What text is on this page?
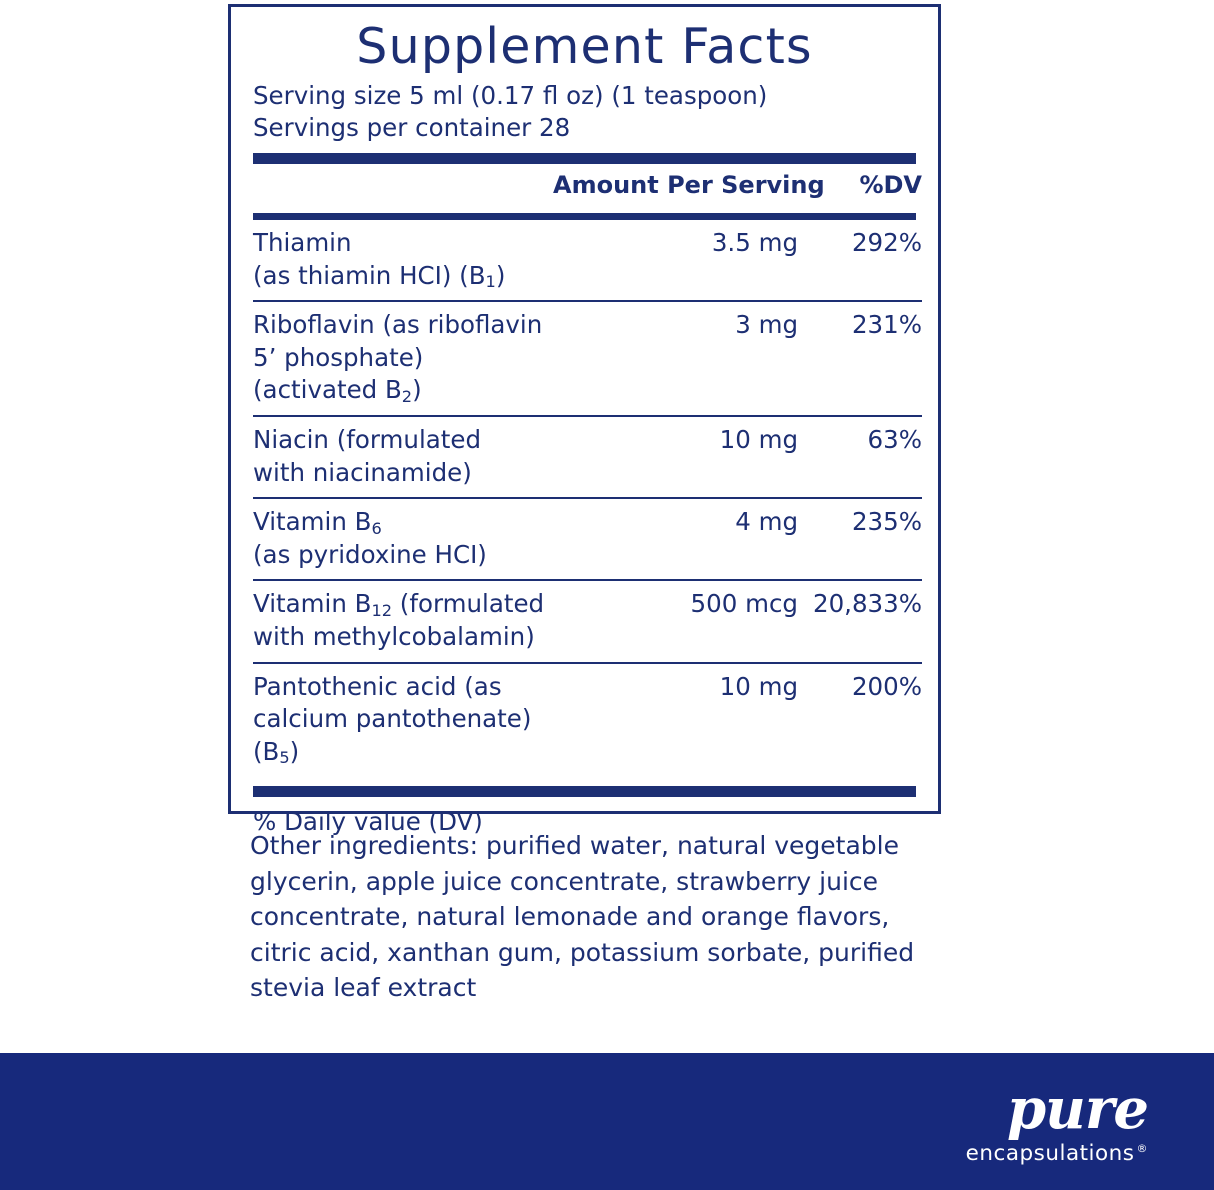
Supplement Facts
Serving size 5 ml (0.17 fl oz) (1 teaspoon)
Servings per container 28
	Amount Per Serving	%DV
Thiamin
(as thiamin HCI) $(B_1)$	3.5 mg	292%
Riboflavin (as riboflavin
5’ phosphate) (activated $B_2$)	3 mg	231%
Niacin (formulated
with niacinamide)	10 mg	63%
Vitamin $B_6$
(as pyridoxine HCI)	4 mg	235%
Vitamin $B_{12}$ (formulated
with methylcobalamin)	500 mcg	20,833%
Pantothenic acid (as
calcium pantothenate) $(B_5)$	10 mg	200%
% Daily value (DV)
Other ingredients: purified water, natural vegetable glycerin, apple juice concentrate, strawberry juice concentrate, natural lemonade and orange flavors, citric acid, xanthan gum, potassium sorbate, purified stevia leaf extract
pure
encapsulations ®
